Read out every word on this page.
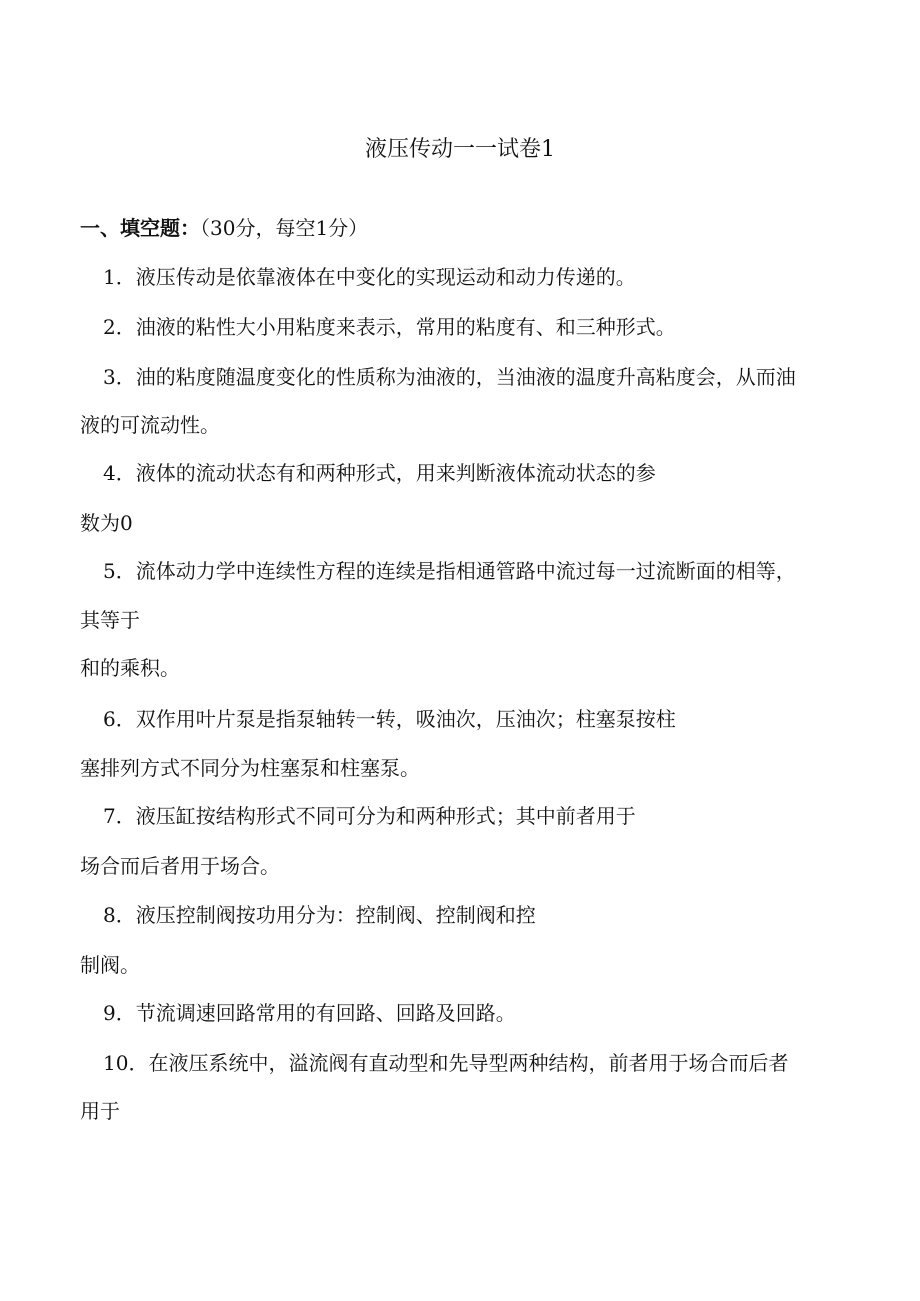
液压传动一一试卷1
一、填空题：（30分，每空1分）
1．液压传动是依靠液体在中变化的实现运动和动力传递的。
2．油液的粘性大小用粘度来表示，常用的粘度有、和三种形式。
3．油的粘度随温度变化的性质称为油液的，当油液的温度升高粘度会，从而油
液的可流动性。
4．液体的流动状态有和两种形式，用来判断液体流动状态的参
数为0
5．流体动力学中连续性方程的连续是指相通管路中流过每一过流断面的相等，
其等于
和的乘积。
6．双作用叶片泵是指泵轴转一转，吸油次，压油次；柱塞泵按柱
塞排列方式不同分为柱塞泵和柱塞泵。
7．液压缸按结构形式不同可分为和两种形式；其中前者用于
场合而后者用于场合。
8．液压控制阀按功用分为：控制阀、控制阀和控
制阀。
9．节流调速回路常用的有回路、回路及回路。
10．在液压系统中，溢流阀有直动型和先导型两种结构，前者用于场合而后者
用于
